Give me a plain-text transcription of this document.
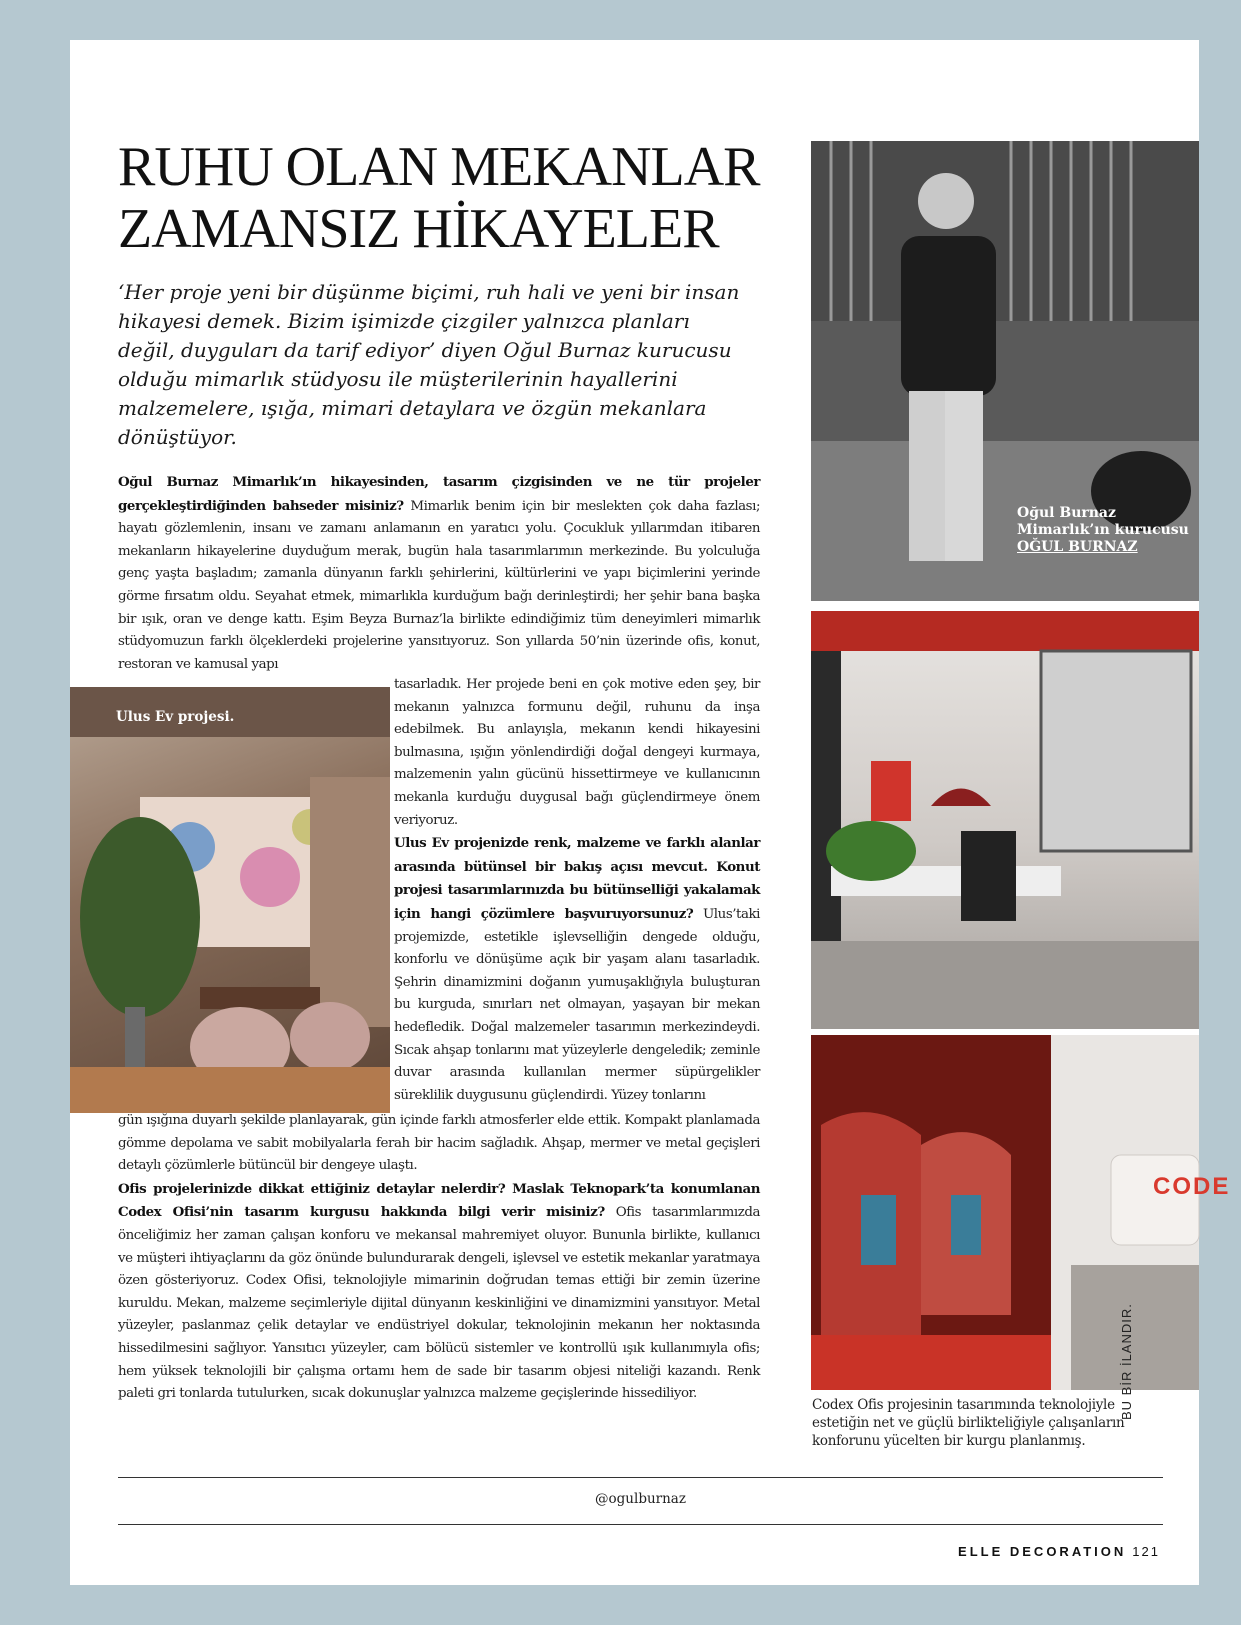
RUHU OLAN MEKANLAR
ZAMANSIZ HİKAYELER

‘Her proje yeni bir düşünme biçimi, ruh hali ve yeni bir insan hikayesi demek. Bizim işimizde çizgiler yalnızca planları değil, duyguları da tarif ediyor’ diyen Oğul Burnaz kurucusu olduğu mimarlık stüdyosu ile müşterilerinin hayallerini malzemelere, ışığa, mimari detaylara ve özgün mekanlara dönüştüyor.

Oğul Burnaz
Mimarlık’ın kurucusu
OĞUL BURNAZ
CODE
Ulus Ev projesi.

Oğul Burnaz Mimarlık’ın hikayesinden, tasarım çizgisinden ve ne tür projeler gerçekleştirdiğinden bahseder misiniz? Mimarlık benim için bir meslekten çok daha fazlası; hayatı gözlemlenin, insanı ve zamanı anlamanın en yaratıcı yolu. Çocukluk yıllarımdan itibaren mekanların hikayelerine duyduğum merak, bugün hala tasarımlarımın merkezinde. Bu yolculuğa genç yaşta başladım; zamanla dünyanın farklı şehirlerini, kültürlerini ve yapı biçimlerini yerinde görme fırsatım oldu. Seyahat etmek, mimarlıkla kurduğum bağı derinleştirdi; her şehir bana başka bir ışık, oran ve denge kattı. Eşim Beyza Burnaz’la birlikte edindiğimiz tüm deneyimleri mimarlık stüdyomuzun farklı ölçeklerdeki projelerine yansıtıyoruz. Son yıllarda 50’nin üzerinde ofis, konut, restoran ve kamusal yapı

tasarladık. Her projede beni en çok motive eden şey, bir mekanın yalnızca formunu değil, ruhunu da inşa edebilmek. Bu anlayışla, mekanın kendi hikayesini bulmasına, ışığın yönlendirdiği doğal dengeyi kurmaya, malzemenin yalın gücünü hissettirmeye ve kullanıcının mekanla kurduğu duygusal bağı güçlendirmeye önem veriyoruz.
Ulus Ev projenizde renk, malzeme ve farklı alanlar arasında bütünsel bir bakış açısı mevcut. Konut projesi tasarımlarınızda bu bütünselliği yakalamak için hangi çözümlere başvuruyorsunuz? Ulus’taki projemizde, estetikle işlevselliğin dengede olduğu, konforlu ve dönüşüme açık bir yaşam alanı tasarladık. Şehrin dinamizmini doğanın yumuşaklığıyla buluşturan bu kurguda, sınırları net olmayan, yaşayan bir mekan hedefledik. Doğal malzemeler tasarımın merkezindeydi. Sıcak ahşap tonlarını mat yüzeylerle dengeledik; zeminle duvar arasında kullanılan mermer süpürgelikler süreklilik duygusunu güçlendirdi. Yüzey tonlarını

gün ışığına duyarlı şekilde planlayarak, gün içinde farklı atmosferler elde ettik. Kompakt planlamada gömme depolama ve sabit mobilyalarla ferah bir hacim sağladık. Ahşap, mermer ve metal geçişleri detaylı çözümlerle bütüncül bir dengeye ulaştı.
Ofis projelerinizde dikkat ettiğiniz detaylar nelerdir? Maslak Teknopark’ta konumlanan Codex Ofisi’nin tasarım kurgusu hakkında bilgi verir misiniz? Ofis tasarımlarımızda önceliğimiz her zaman çalışan konforu ve mekansal mahremiyet oluyor. Bununla birlikte, kullanıcı ve müşteri ihtiyaçlarını da göz önünde bulundurarak dengeli, işlevsel ve estetik mekanlar yaratmaya özen gösteriyoruz. Codex Ofisi, teknolojiyle mimarinin doğrudan temas ettiği bir zemin üzerine kuruldu. Mekan, malzeme seçimleriyle dijital dünyanın keskinliğini ve dinamizmini yansıtıyor. Metal yüzeyler, paslanmaz çelik detaylar ve endüstriyel dokular, teknolojinin mekanın her noktasında hissedilmesini sağlıyor. Yansıtıcı yüzeyler, cam bölücü sistemler ve kontrollü ışık kullanımıyla ofis; hem yüksek teknolojili bir çalışma ortamı hem de sade bir tasarım objesi niteliği kazandı. Renk paleti gri tonlarda tutulurken, sıcak dokunuşlar yalnızca malzeme geçişlerinde hissediliyor.

Codex Ofis projesinin tasarımında teknolojiyle estetiğin net ve güçlü birlikteliğiyle çalışanların konforunu yücelten bir kurgu planlanmış.

@ogulburnaz
BU BİR İLANDIR.
ELLE DECORATION 121
